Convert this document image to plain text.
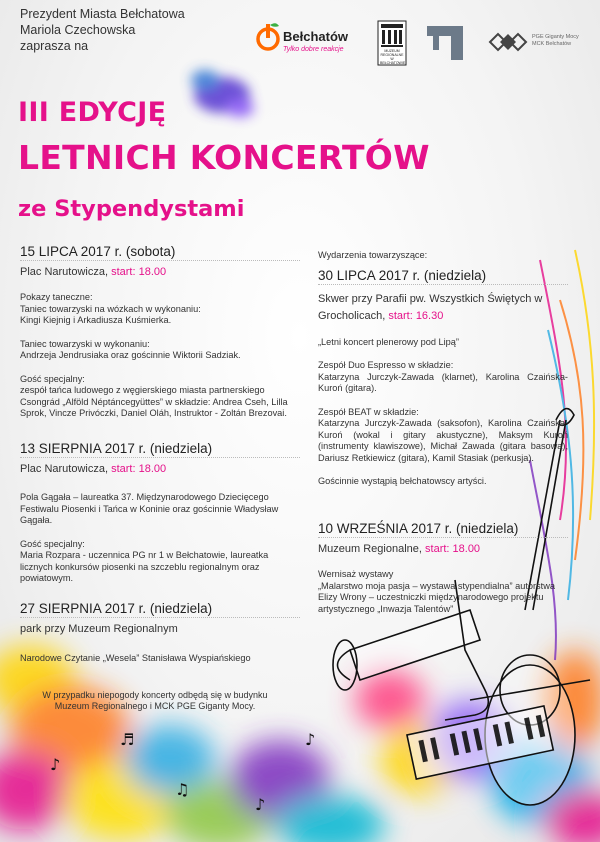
♪
♫
♪
♬
♪
Prezydent Miasta Bełchatowa
Mariola Czechowska
zaprasza na
Bełchatów
Tylko dobre reakcje	MUZEUM REGIONALNE W BEŁCHATOWIE
PGE Giganty Mocy MCK Bełchatów
III EDYCJĘ
LETNICH KONCERTÓW
ze Stypendystami
15 LIPCA 2017 r. (sobota)
Plac Narutowicza, start: 18.00
Pokazy taneczne:
Taniec towarzyski na wózkach w wykonaniu:
Kingi Kiejnig i Arkadiusza Kuśmierka.
Taniec towarzyski w wykonaniu:
Andrzeja Jendrusiaka oraz gościnnie Wiktorii Sadziak.
Gość specjalny:
zespół tańca ludowego z węgierskiego miasta partnerskiego Csongrád „Alföld Néptáncegyüttes” w składzie: Andrea Cseh, Lilla Sprok, Vincze Privóczki, Daniel Oláh, Instruktor - Zoltán Brezovai.
13 SIERPNIA 2017 r. (niedziela)
Plac Narutowicza, start: 18.00
Pola Gągała – laureatka 37. Międzynarodowego Dziecięcego Festiwalu Piosenki i Tańca w Koninie oraz gościnnie Władysław Gągała.
Gość specjalny:
Maria Rozpara - uczennica PG nr 1 w Bełchatowie, laureatka licznych konkursów piosenki na szczeblu regionalnym oraz powiatowym.
27 SIERPNIA 2017 r. (niedziela)
park przy Muzeum Regionalnym
Narodowe Czytanie „Wesela” Stanisława Wyspiańskiego
W przypadku niepogody koncerty odbędą się w budynku Muzeum Regionalnego i MCK PGE Giganty Mocy.
Wydarzenia towarzyszące:
30 LIPCA 2017 r. (niedziela)
Skwer przy Parafii pw. Wszystkich Świętych w Grocholicach, start: 16.30
„Letni koncert plenerowy pod Lipą”
Zespół Duo Espresso w składzie:
Katarzyna Jurczyk-Zawada (klarnet), Karolina Czaińska-Kuroń (gitara).
Zespół BEAT w składzie:
Katarzyna Jurczyk-Zawada (saksofon), Karolina Czaińska-Kuroń (wokal i gitary akustyczne), Maksym Kuroń (instrumenty klawiszowe), Michał Zawada (gitara basowa), Dariusz Retkiewicz (gitara), Kamil Stasiak (perkusja).
Gościnnie wystąpią bełchatowscy artyści.
10 WRZEŚNIA 2017 r. (niedziela)
Muzeum Regionalne, start: 18.00
Wernisaż wystawy
„Malarstwo moja pasja – wystawa stypendialna” autorstwa Elizy Wrony – uczestniczki międzynarodowego projektu artystycznego „Inwazja Talentów”
